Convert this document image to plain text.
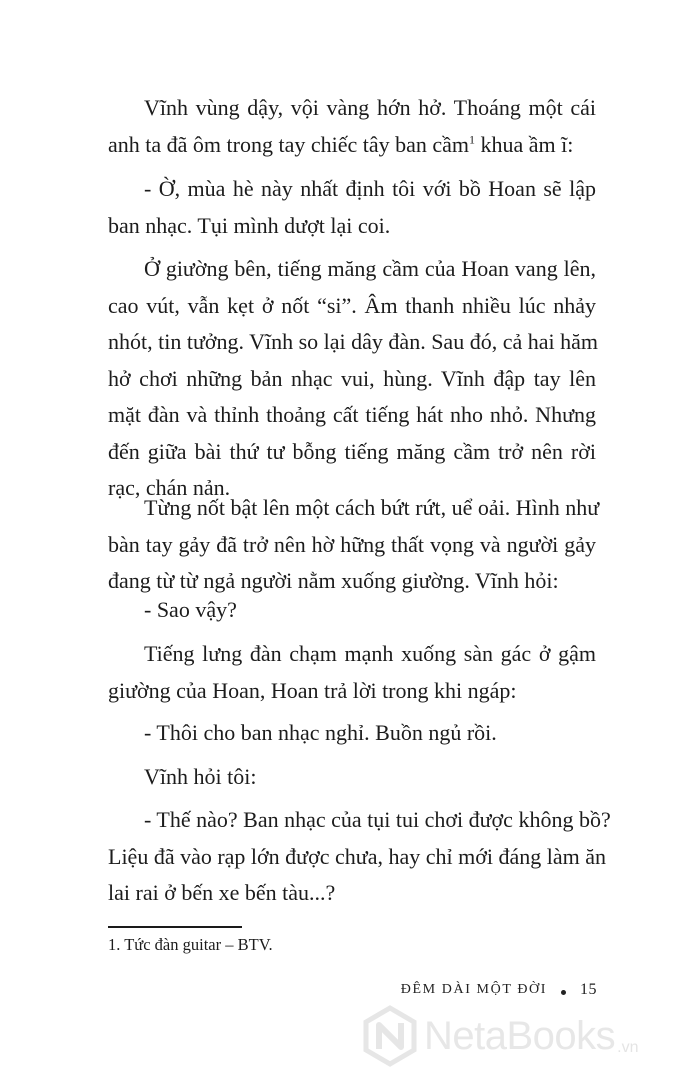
Vĩnh vùng dậy, vội vàng hớn hở. Thoáng một cái
anh ta đã ôm trong tay chiếc tây ban cầm$^1$ khua ầm ĩ:

- Ờ, mùa hè này nhất định tôi với bồ Hoan sẽ lập
ban nhạc. Tụi mình dượt lại coi.

Ở giường bên, tiếng măng cầm của Hoan vang lên,
cao vút, vẫn kẹt ở nốt “si”. Âm thanh nhiều lúc nhảy
nhót, tin tưởng. Vĩnh so lại dây đàn. Sau đó, cả hai hăm
hở chơi những bản nhạc vui, hùng. Vĩnh đập tay lên
mặt đàn và thỉnh thoảng cất tiếng hát nho nhỏ. Nhưng
đến giữa bài thứ tư bỗng tiếng măng cầm trở nên rời
rạc, chán nản.

Từng nốt bật lên một cách bứt rứt, uể oải. Hình như
bàn tay gảy đã trở nên hờ hững thất vọng và người gảy
đang từ từ ngả người nằm xuống giường. Vĩnh hỏi:

- Sao vậy?

Tiếng lưng đàn chạm mạnh xuống sàn gác ở gậm
giường của Hoan, Hoan trả lời trong khi ngáp:

- Thôi cho ban nhạc nghỉ. Buồn ngủ rồi.

Vĩnh hỏi tôi:

- Thế nào? Ban nhạc của tụi tui chơi được không bồ?
Liệu đã vào rạp lớn được chưa, hay chỉ mới đáng làm ăn
lai rai ở bến xe bến tàu...?

1. Tức đàn guitar – BTV.
ĐÊM DÀI MỘT ĐỜI 15
NetaBooks .vn
